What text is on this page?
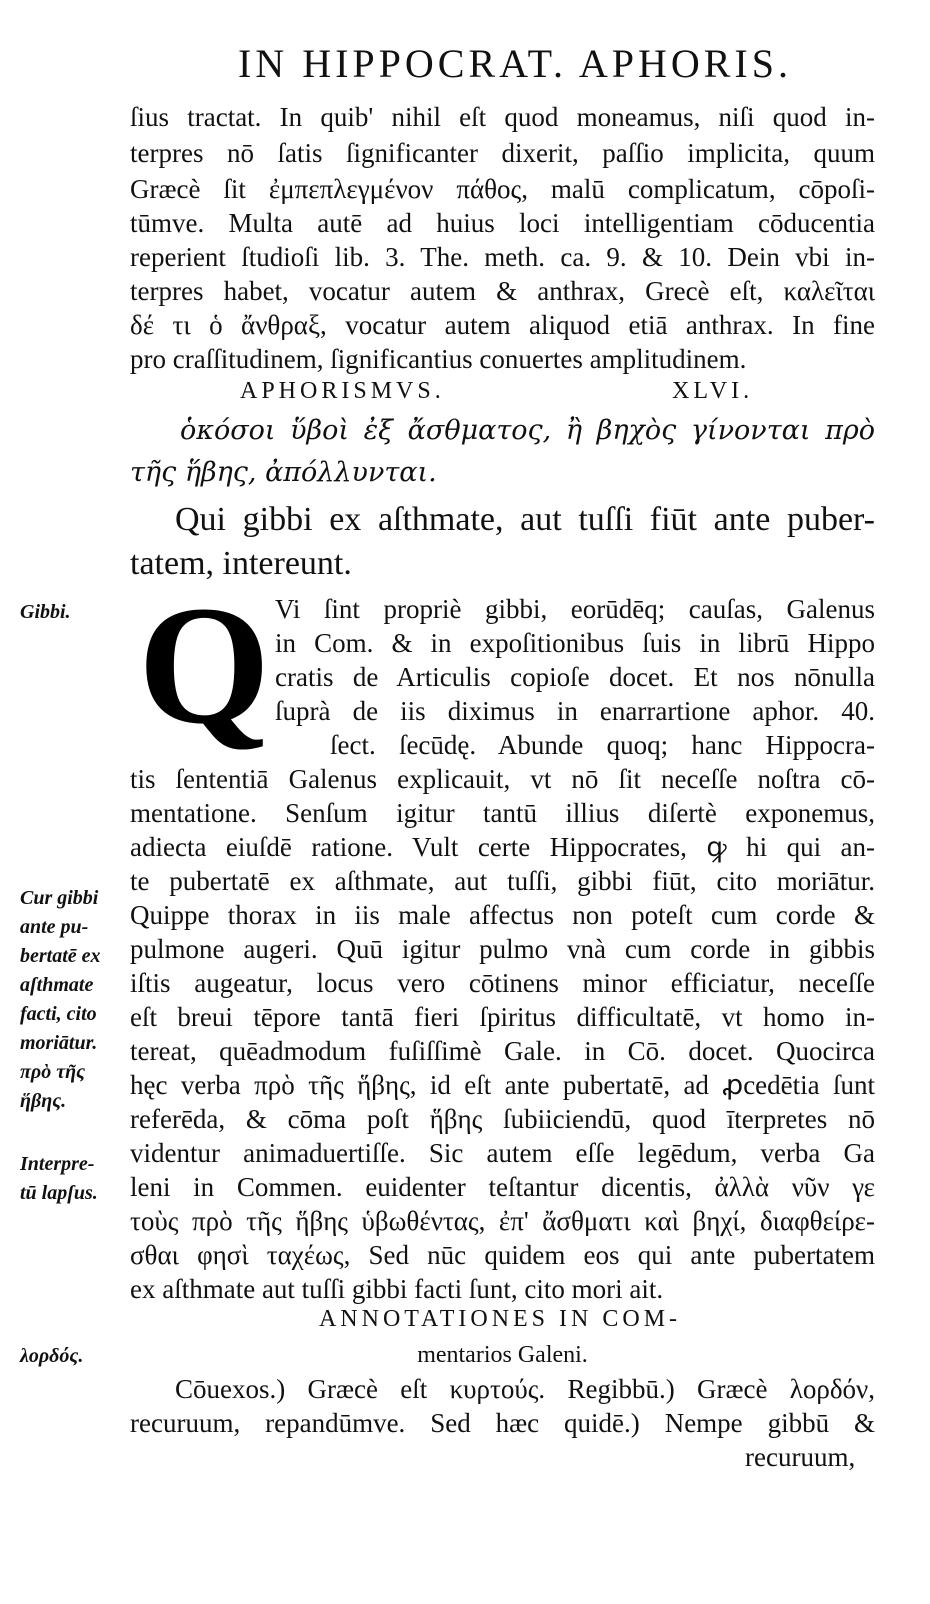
IN HIPPOCRAT. APHORIS.
ſius tractat. In quib' nihil eſt quod moneamus, niſi quod in-
terpres nō ſatis ſignificanter dixerit, paſſio implicita, quum
Græcè ſit ἐμπεπλεγμένον πάθος, malū complicatum, cōpoſi-
tūmve. Multa autē ad huius loci intelligentiam cōducentia
reperient ſtudioſi lib. 3. The. meth. ca. 9. & 10. Dein vbi in-
terpres habet, vocatur autem & anthrax, Grecè eſt, καλεῖται
δέ τι ὁ ἄνθραξ, vocatur autem aliquod etiā anthrax. In fine
pro craſſitudinem, ſignificantius conuertes amplitudinem.
APHORISMVS.	XLVI.
ὁκόσοι ὕβοὶ ἐξ ἄσθματος, ἢ βηχὸς γίνονται πρὸ
τῆς ἥβης, ἀπόλλυνται.
Qui gibbi ex aſthmate, aut tuſſi fiūt ante puber-
tatem, intereunt.
Q Vi ſint propriè gibbi, eorūdēq; cauſas, Galenus
in Com. & in expoſitionibus ſuis in librū Hippo
cratis de Articulis copioſe docet. Et nos nōnulla
ſuprà de iis diximus in enarrartione aphor. 40.
ſect. ſecūdę. Abunde quoq; hanc Hippocra-
tis ſententiā Galenus explicauit, vt nō ſit neceſſe noſtra cō-
mentatione. Senſum igitur tantū illius diſertè exponemus,
adiecta eiuſdē ratione. Vult certe Hippocrates, ꝙ hi qui an-
te pubertatē ex aſthmate, aut tuſſi, gibbi fiūt, cito moriātur.
Quippe thorax in iis male affectus non poteſt cum corde &
pulmone augeri. Quū igitur pulmo vnà cum corde in gibbis
iſtis augeatur, locus vero cōtinens minor efficiatur, neceſſe
eſt breui tēpore tantā fieri ſpiritus difficultatē, vt homo in-
tereat, quēadmodum fuſiſſimè Gale. in Cō. docet. Quocirca
hęc verba πρὸ τῆς ἥβης, id eſt ante pubertatē, ad ꝓcedētia ſunt
referēda, & cōma poſt ἥβης ſubiiciendū, quod īterpretes nō
videntur animaduertiſſe. Sic autem eſſe legēdum, verba Ga
leni in Commen. euidenter teſtantur dicentis, ἀλλὰ νῦν γε
τοὺς πρὸ τῆς ἥβης ὑβωθέντας, ἐπ' ἄσθματι καὶ βηχί, διαφθείρε-
σθαι φησὶ ταχέως, Sed nūc quidem eos qui ante pubertatem
ex aſthmate aut tuſſi gibbi facti ſunt, cito mori ait.
ANNOTATIONES IN COM-
mentarios Galeni.
Cōuexos.) Græcè eſt κυρτούς. Regibbū.) Græcè λορδόν,
recuruum, repandūmve. Sed hæc quidē.) Nempe gibbū &
recuruum,
Gibbi.
Cur gibbi
ante pu-
bertatē ex
aſthmate
facti, cito
moriātur.
πρὸ τῆς
ἥβης.
Interpre-
tū lapſus.
λορδός.
